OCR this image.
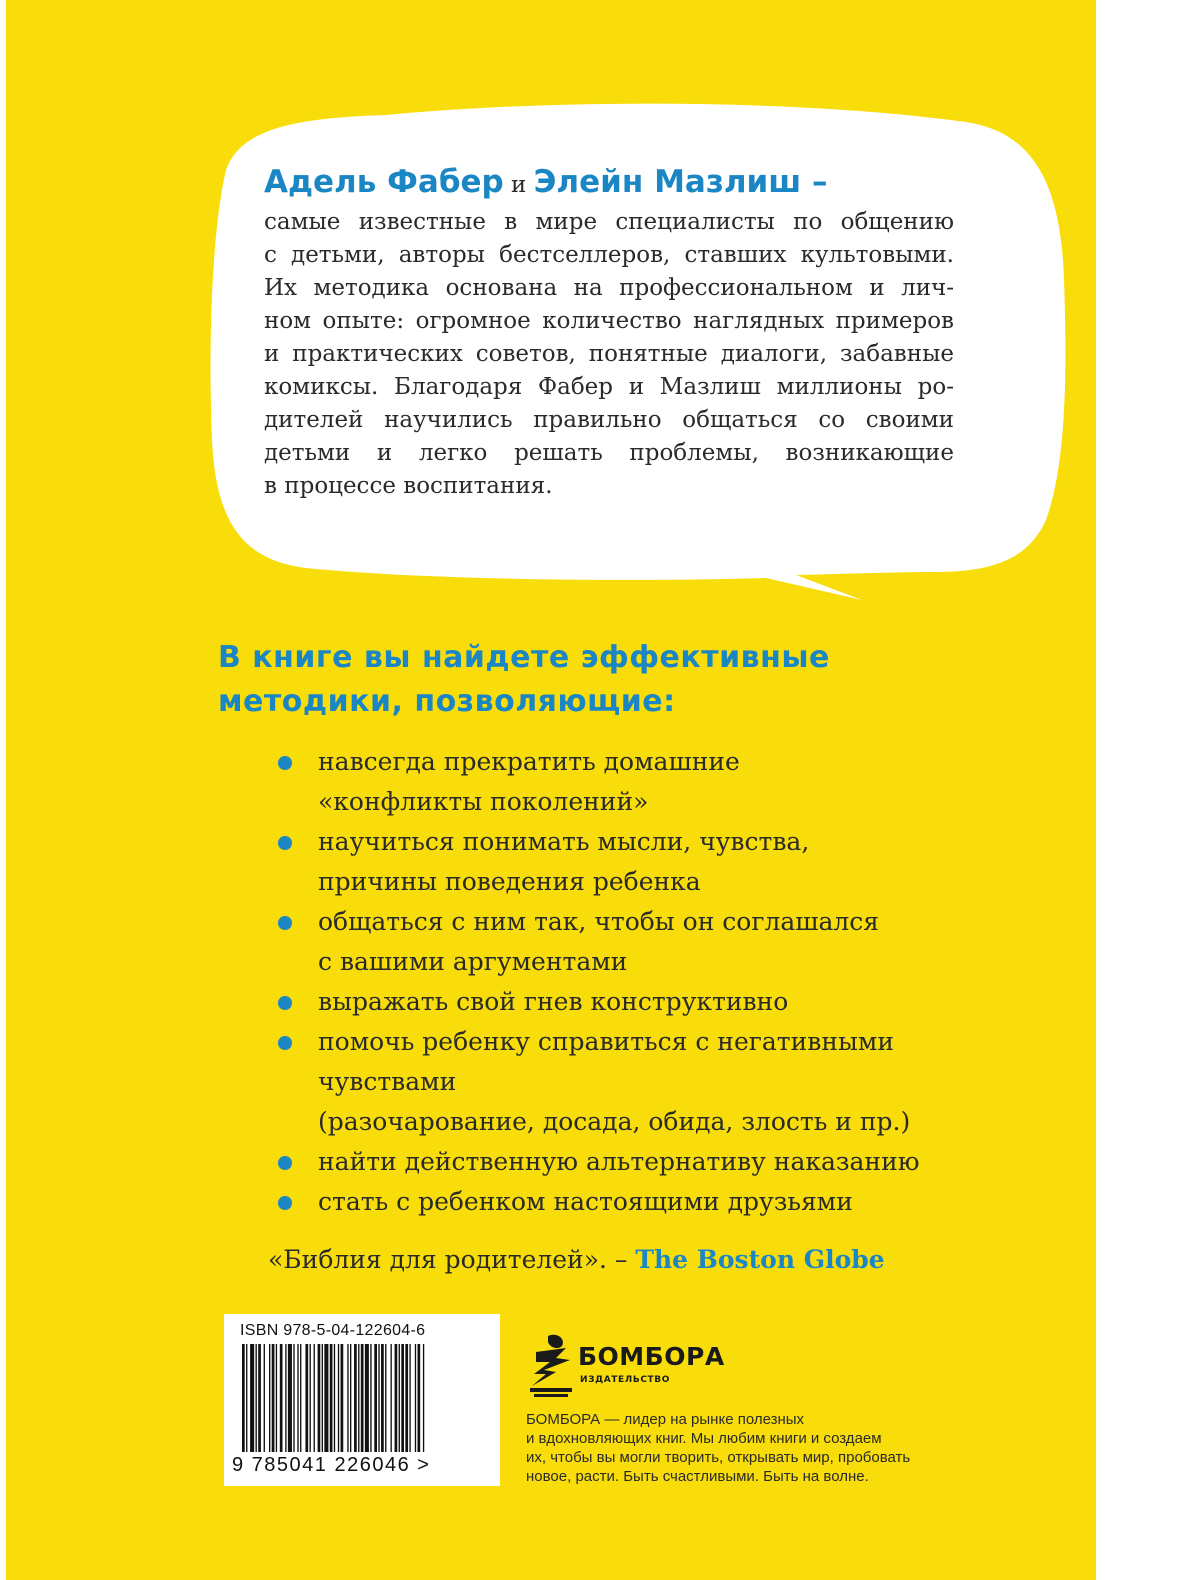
Адель Фабер и Элейн Мазлиш –
самые известные в мире специалисты по общению
с детьми, авторы бестселлеров, ставших культовыми.
Их методика основана на профессиональном и лич-
ном опыте: огромное количество наглядных примеров
и практических советов, понятные диалоги, забавные
комиксы. Благодаря Фабер и Мазлиш миллионы ро-
дителей научились правильно общаться со своими
детьми и легко решать проблемы, возникающие
в процессе воспитания.
В книге вы найдете эффективные
методики, позволяющие:
навсегда прекратить домашние
«конфликты поколений»
научиться понимать мысли, чувства,
причины поведения ребенка
общаться с ним так, чтобы он соглашался
с вашими аргументами
выражать свой гнев конструктивно
помочь ребенку справиться с негативными чувствами
(разочарование, досада, обида, злость и пр.)
найти действенную альтернативу наказанию
стать с ребенком настоящими друзьями
«Библия для родителей». – The Boston Globe
ISBN 978-5-04-122604-6
9 785041 226046 >
БОМБОРА
ИЗДАТЕЛЬСТВО
БОМБОРА — лидер на рынке полезных
и вдохновляющих книг. Мы любим книги и создаем
их, чтобы вы могли творить, открывать мир, пробовать
новое, расти. Быть счастливыми. Быть на волне.
